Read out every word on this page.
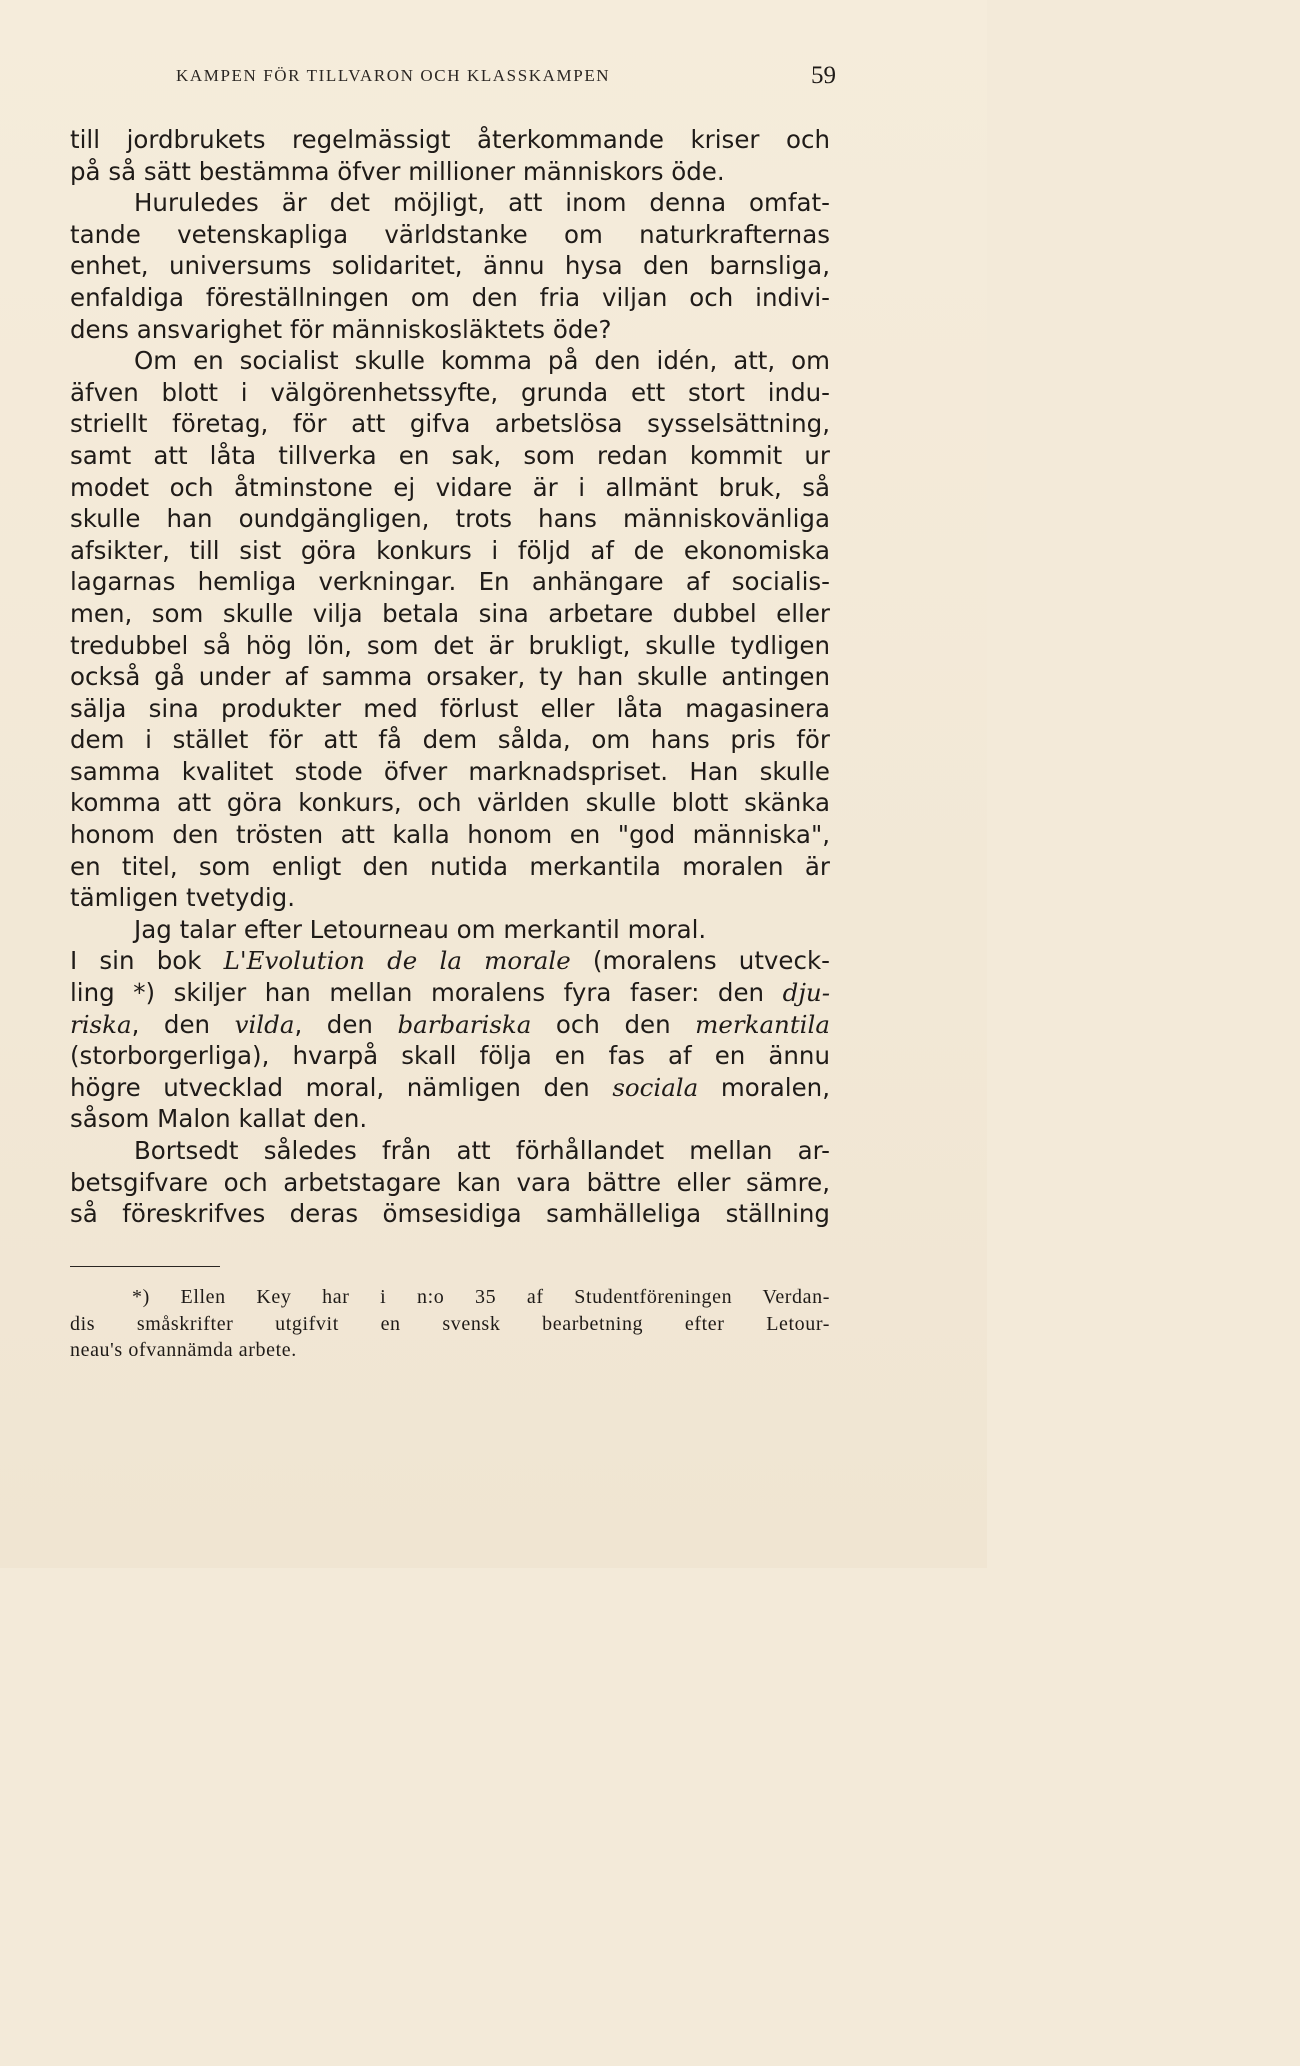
KAMPEN FÖR TILLVARON OCH KLASSKAMPEN	59
till jordbrukets regelmässigt återkommande kriser och
på så sätt bestämma öfver millioner människors öde.
Huruledes är det möjligt, att inom denna omfat-
tande vetenskapliga världstanke om naturkrafternas
enhet, universums solidaritet, ännu hysa den barnsliga,
enfaldiga föreställningen om den fria viljan och indivi-
dens ansvarighet för människosläktets öde?
Om en socialist skulle komma på den idén, att, om
äfven blott i välgörenhetssyfte, grunda ett stort indu-
striellt företag, för att gifva arbetslösa sysselsättning,
samt att låta tillverka en sak, som redan kommit ur
modet och åtminstone ej vidare är i allmänt bruk, så
skulle han oundgängligen, trots hans människovänliga
afsikter, till sist göra konkurs i följd af de ekonomiska
lagarnas hemliga verkningar. En anhängare af socialis-
men, som skulle vilja betala sina arbetare dubbel eller
tredubbel så hög lön, som det är brukligt, skulle tydligen
också gå under af samma orsaker, ty han skulle antingen
sälja sina produkter med förlust eller låta magasinera
dem i stället för att få dem sålda, om hans pris för
samma kvalitet stode öfver marknadspriset. Han skulle
komma att göra konkurs, och världen skulle blott skänka
honom den trösten att kalla honom en "god människa",
en titel, som enligt den nutida merkantila moralen är
tämligen tvetydig.
Jag talar efter Letourneau om merkantil moral.
I sin bok L'Evolution de la morale (moralens utveck-
ling *) skiljer han mellan moralens fyra faser: den dju-
riska, den vilda, den barbariska och den merkantila
(storborgerliga), hvarpå skall följa en fas af en ännu
högre utvecklad moral, nämligen den sociala moralen,
såsom Malon kallat den.
Bortsedt således från att förhållandet mellan ar-
betsgifvare och arbetstagare kan vara bättre eller sämre,
så föreskrifves deras ömsesidiga samhälleliga ställning
*) Ellen Key har i n:o 35 af Studentföreningen Verdan-
dis småskrifter utgifvit en svensk bearbetning efter Letour-
neau's ofvannämda arbete.
